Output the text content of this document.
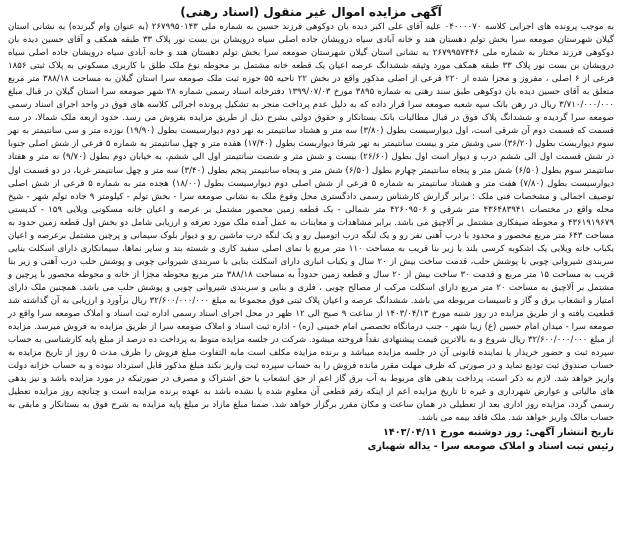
آگهی مزایده اموال غیر منقول (اسناد رهنی)

به موجب پرونده های اجرایی کلاسه ۰۴۰۰۰۰۷۰ علیه آقای علی اکبر دیده بان دوکوهی فرزند حسین به شماره ملی ۲۶۷۹۹۵۰۱۴۳ (به عنوان وام گیرنده) به نشانی استان گیلان شهرستان صومعه سرا بخش تولم دهستان هند و خانه آبادی سیاه درویشان جاده اصلی سیاه درویشان بن بست نور پلاک ۳۳ طبقه همکف و آقای حسین دیده بان دوکوهی فرزند مختار به شماره ملی ۲۶۷۹۹۵۷۴۴۶ به نشانی استان گیلان شهرستان صومعه سرا بخش تولم دهستان هند و خانه آبادی سیاه درویشان جاده اصلی سیاه درویشان بن بست نور پلاک ۳۳ طبقه همکف مورد وثیقه ششدانگ عرصه اعیان یک قطعه خانه مشتمل بر محوطه نوع ملک طلق با کاربری مسکونی به پلاک ثبتی ۱۸۵۶ فرعی از ۶ اصلی ، مفروز و مجزا شده از ۲۲۰ فرعی از اصلی مذکور واقع در بخش ۲۲ ناحیه ۵۵ حوزه ثبت ملک صومعه سرا استان گیلان به مساحت ۳۸۸/۱۸ متر مربع متعلق به آقای حسین دیده بان دوکوهی طبق سند رهنی به شماره ۳۸۹۵ مورخ ۱۳۹۹/۰۷/۰۳ دفترخانه اسناد رسمی شماره ۲۸ شهر صومعه سرا استان گیلان در قبال مبلغ ۳/۷۱۰/۰۰۰/۰۰۰ ریال در رهن بانک سپه شعبه صومعه سرا قرار داده که به دلیل عدم پرداخت منجر به تشکیل پرونده اجرائی کلاسه های فوق در واحد اجرای اسناد رسمی صومعه سرا گردیده و ششدانگ پلاک فوق در قبال مطالبات بانک بستانکار و حقوق دولتی بشرح ذیل از طریق مزایده بفروش می رسد. حدود اربعه ملک شمالا، در سه قسمت که قسمت دوم آن شرقی است، اول دیوارسیست بطول (۳/۸۰) سه متر و هشتاد سانتیمتر به نهر دوم دیوارسیست بطول (۱۹/۹۰) نوزده متر و سی سانتیمتر به نهر سوم دیواربست بطول (۳۶/۲۰) سی وشش متر و بیست سانتیمتر به نهر شرقا دیواربست بطول (۱۷/۴۰) هفده متر و چهل سانتیمتر به شماره ۵ فرعی از شش اصلی جنوبا در شش قسمت اول الی ششم درب و دیوار است اول بطول (۲۶/۶۰) بیست و شش متر و شصت سانتیمتر اول الی ششم، به خیابان دوم بطول (۹/۷۰) نه متر و هفتاد سانتیمتر سوم بطول (۶/۵۰) شش متر و پنجاه سانتیمتر چهارم بطول (۶/۵۰) شش متر و پنجاه سانتیمتر پنجم بطول (۳/۴۰) سه متر و چهل سانتیمتر غربا، در دو قسمت اول دیوارسیست بطول (۷/۸۰) هفت متر و هشتاد سانتیمتر به شماره ۵ فرعی از شش اصلی دوم دیوارسیست بطول (۱۸/۰۰) هجده متر به شماره ۵ فرعی از شش اصلی توصیف اجمالی و مشخصات فنی ملک : برابر گزارش کارشناس رسمی دادگستری محل وقوع ملک به نشانی صومعه سرا - بخش تولم - کیلومتر ۹ جاده تولم شهر - شیخ محله واقع در مختصات ۴۳۶۴۸۳۹۴۱ متر شرقی و ۴۲۶۰۹۵۰۶ متر شمالی - یک قطعه زمین محصور مشتمل بر عرصه و اعیان خانه مسکونی ویلایی ۱۵۹ - کدپستی ۴۳۶۱۹۱۹۶۷۹ و محوطه صیفکاری مشتمل بر آلاچیق می باشد. برابر مشاهدات و معاینات به عمل آمده ملک مورد تعرفه و ارزیابی شامل دو بخش اول قطعه زمین حدود به مساحت ۶۴۳ متر مربع محصور و محدود با درب آهنی نفر رو و یک لنگه درب اتومبیل رو و یک لنگه درب ماشین رو و دیوار بلوک سیمانی و پرچین مشتمل برعرصه و اعیان یکباب خانه ویلایی یک اشکوبه کرسی بلند با زیر بنا قریب به مساحت ۱۱۰ متر مربع با نمای اصلی سفید کاری و شسته بند و سایر نماها، سیمانکاری دارای اسکلت بنایی سربندی شیروانی چوبی با پوشش حلب، قدمت ساخت بیش از ۲۰ سال و یکباب انباری دارای اسکلت بنایی با سربندی شیروانی چوبی و پوشش حلب درب آهنی و زیر بنا قریب به مساحت ۱۵ متر مربع و قدمت ۳۰ ساخت بیش از ۲۰ سال و قطعه زمین حدوداً به مساحت ۳۸۸/۱۸ متر مربع محوطه مجزا از خانه و محوطه محصور با پرچین و مشتمل بر آلاچیق به مساحت ۲۰ متر مربع دارای اسکلت مرکب از مصالح چوبی ، فلزی و بنایی و سربندی شیروانی چوبی و پوشش حلب می باشد. همچنین ملک دارای امتیاز و انشعاب برق و گاز و تاسیسات مربوطه می باشد. ششدانگ عرصه و اعیان پلاک ثبتی فوق مجموعا به مبلغ ۳۲/۶۰۰/۰۰۰/۰۰۰ ریال برآورد و ارزیابی به آن گذاشته شد قطعیت یافته و از طریق مزایده در روز شنبه مورخ ۱۴۰۳/۰۴/۱۳ از ساعت ۹ صبح الی ۱۲ ظهر در محل اجرای اسناد رسمی اداره ثبت اسناد و املاک صومعه سرا واقع در صومعه سرا - میدان امام حسین (ع) زیبا شهر - جنب درمانگاه تخصصی امام خمینی (ره) - اداره ثبت اسناد و املاک صومعه سرا از طریق مزایده به فروش میرسد. مزایده از مبلغ ۳۲/۶۰۰/۰۰۰/۰۰۰ ریال شروع و به بالاترین قیمت پیشنهادی نقداً فروخته میشود. شرکت در جلسه مزایده منوط به پرداخت ده درصد از مبلغ پایه کارشناسی به حساب سپرده ثبت و حضور خریدار یا نماینده قانونی آن در جلسه مزایده میباشد و برنده مزایده مکلف است مابه التفاوت مبلغ فروش را ظرف مدت ۵ روز از تاریخ مزایده به حساب صندوق ثبت تودیع نماید و در صورتی که ظرف مهلت مقرر مانده فروش را به حساب سپرده ثبت واریز نکند مبلغ مذکور قابل استرداد نبوده و به حساب خزانه دولت واریز خواهد شد. لازم به ذکر است، پرداخت بدهی های مربوط به آب برق گاز اعم از حق انشعاب یا حق اشتراک و مصرف در صورتیکه در مورد مزایده باشد و نیز بدهی های مالیاتی و عوارض شهرداری و غیره تا تاریخ مزایده اعم از اینکه رقم قطعی آن معلوم شده یا نشده باشد به عهده برنده مزایده است و چنانچه روز مزایده تعطیل رسمی گردد، مزایده روز اداری بعد از تعطیلی در همان ساعت و مکان مقرر برگزار خواهد شد. ضمنا مبلغ مازاد بر مبلغ پایه مزایده به شرح فوق به بستانکار و مابقی به حساب مالک واریز خواهد شد. ملک فاقد بیمه می باشد.

تاریخ انتشار آگهی: روز دوشنبه مورخ ۱۴۰۳/۰۴/۱۱
رئیس ثبت اسناد و املاک صومعه سرا - یداله شهبازی
